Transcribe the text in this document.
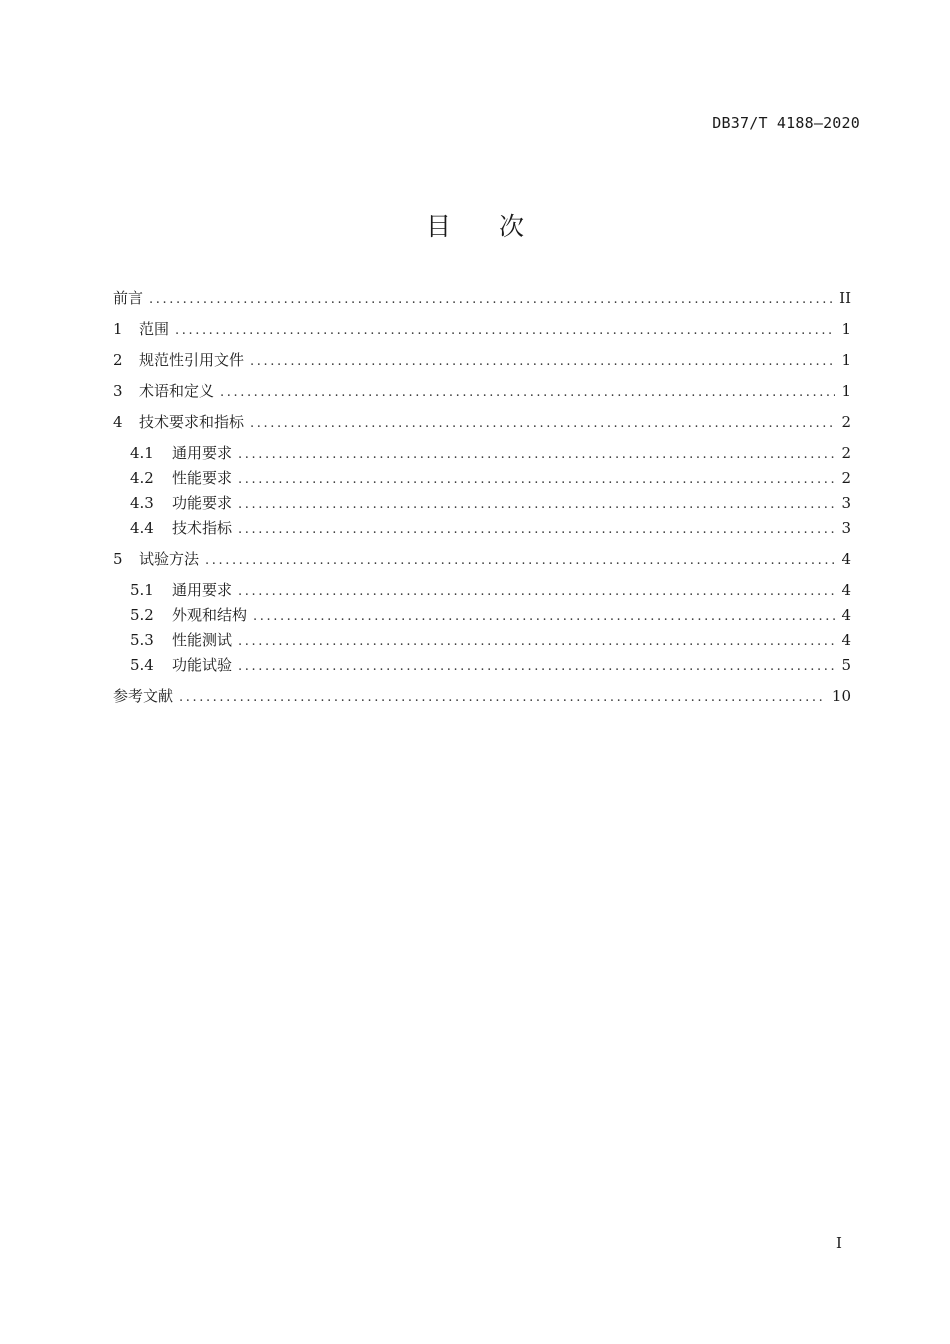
DB37/T 4188—2020
目次
前言 .....	II
1	范围 .....	1
2	规范性引用文件 .....	1
3	术语和定义 .....	1
4	技术要求和指标 .....	2
4.1	通用要求 .....	2
4.2	性能要求 .....	2
4.3	功能要求 .....	3
4.4	技术指标 .....	3
5	试验方法 .....	4
5.1	通用要求 .....	4
5.2	外观和结构 .....	4
5.3	性能测试 .....	4
5.4	功能试验 .....	5
参考文献 .....	10
I
